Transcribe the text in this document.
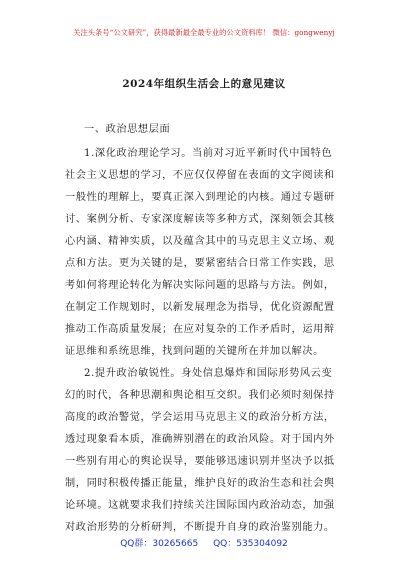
关注头条号“公文研究”，获得最新最全最专业的公文资料库！ 微信：gongwenyj
2024年组织生活会上的意见建议
一、政治思想层面
1.深化政治理论学习。当前对习近平新时代中国特色
社会主义思想的学习，不应仅仅停留在表面的文字阅读和
一般性的理解上，要真正深入到理论的内核。通过专题研
讨、案例分析、专家深度解读等多种方式，深刻领会其核
心内涵、精神实质，以及蕴含其中的马克思主义立场、观
点和方法。更为关键的是，要紧密结合日常工作实践，思
考如何将理论转化为解决实际问题的思路与方法。例如，
在制定工作规划时，以新发展理念为指导，优化资源配置
推动工作高质量发展；在应对复杂的工作矛盾时，运用辩
证思维和系统思维，找到问题的关键所在并加以解决。
2.提升政治敏锐性。身处信息爆炸和国际形势风云变
幻的时代，各种思潮和舆论相互交织。我们必须时刻保持
高度的政治警觉，学会运用马克思主义的政治分析方法，
透过现象看本质，准确辨别潜在的政治风险。对于国内外
一些别有用心的舆论误导，要能够迅速识别并坚决予以抵
制，同时积极传播正能量，维护良好的政治生态和社会舆
论环境。这就要求我们持续关注国际国内政治动态，加强
对政治形势的分析研判，不断提升自身的政治鉴别能力。
QQ群：30265665 QQ：535304092
